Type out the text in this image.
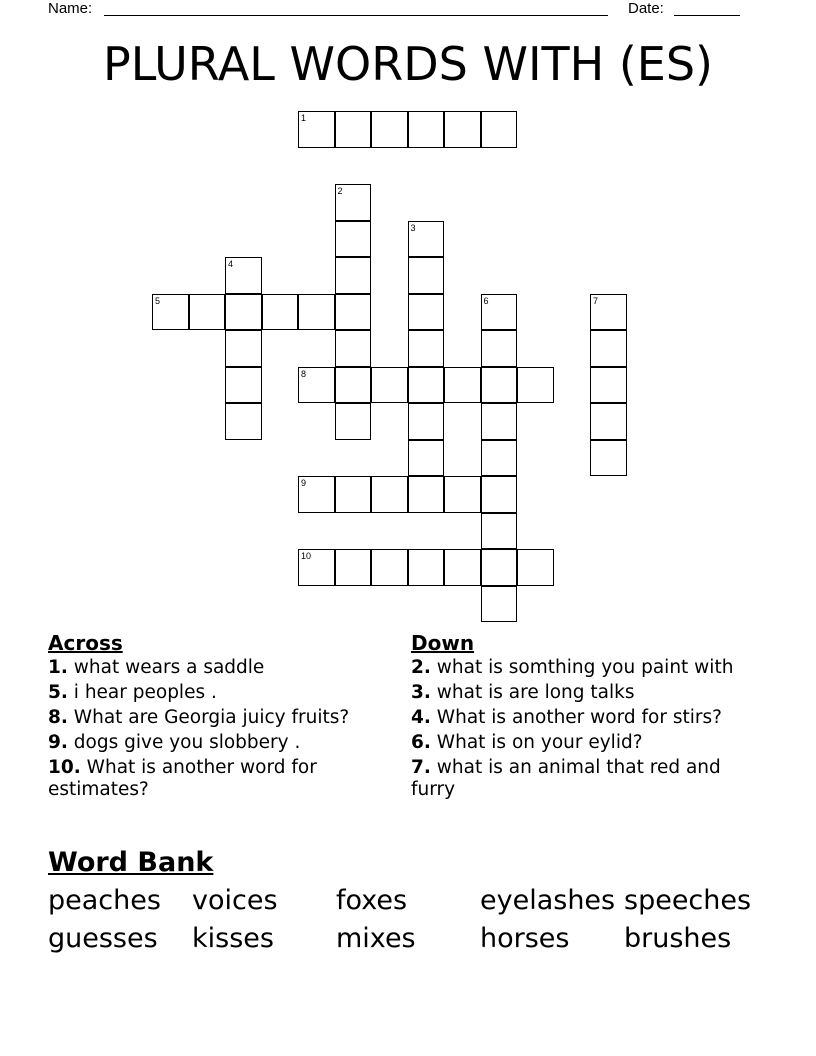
Name:	Date:
PLURAL WORDS WITH (ES)
1
2
3
4
5	6	7
8
9
10
Across
1. what wears a saddle
5. i hear peoples .
8. What are Georgia juicy fruits?
9. dogs give you slobbery .
10. What is another word for estimates?
Down
2. what is somthing you paint with
3. what is are long talks
4. What is another word for stirs?
6. What is on your eylid?
7. what is an animal that red and furry
Word Bank
peaches	voices	foxes	eyelashes speeches
guesses	kisses	mixes	horses	brushes
